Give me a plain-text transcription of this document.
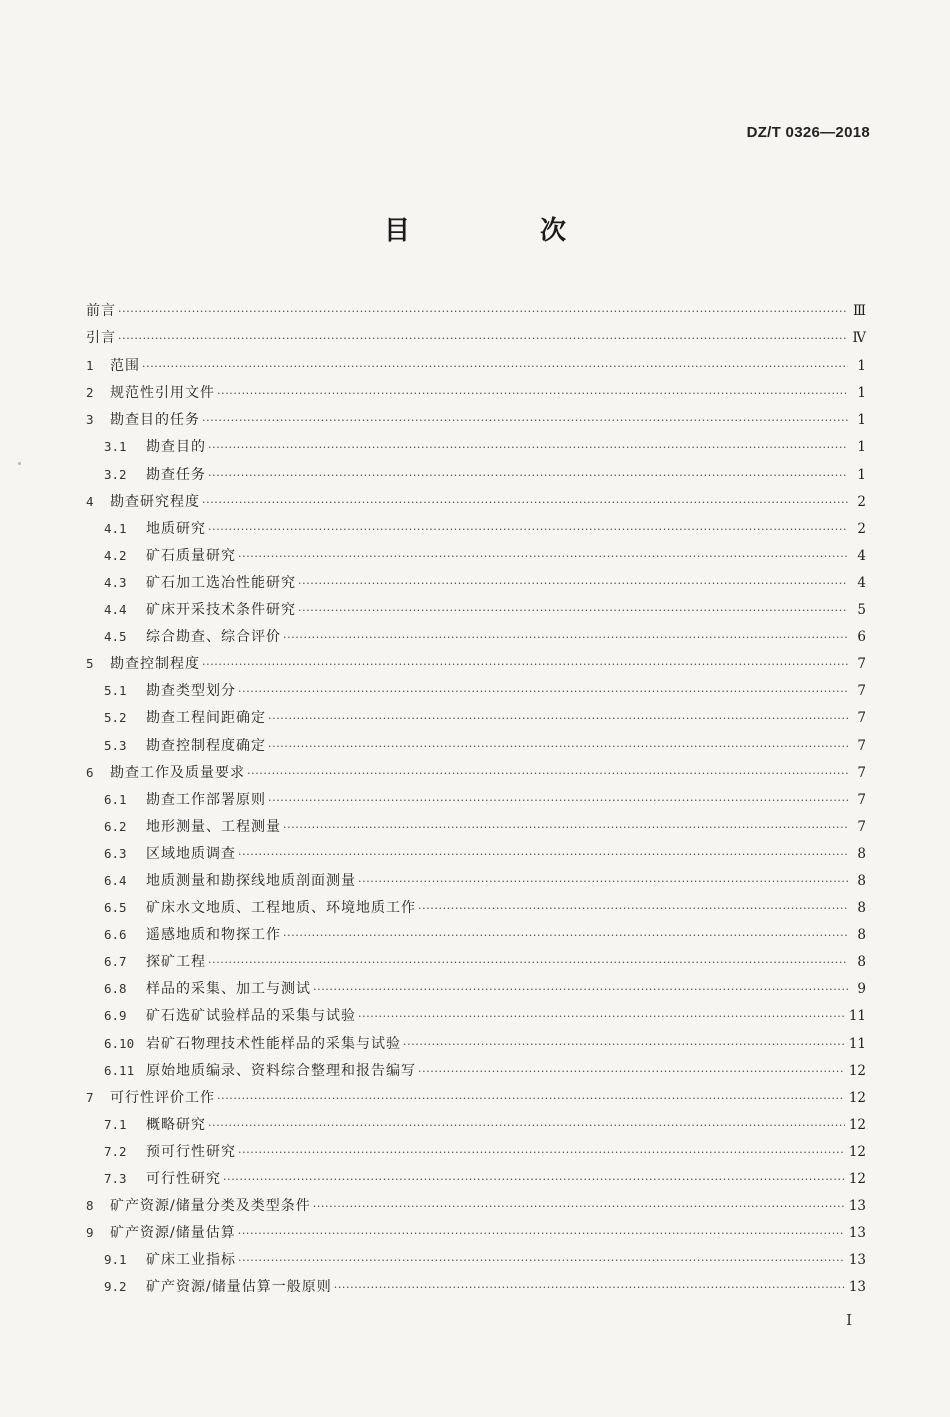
DZ/T 0326—2018
目　次
前言 ·····	Ⅲ
引言 ·····	Ⅳ
1	范围 ·····	1
2	规范性引用文件 ·····	1
3	勘查目的任务 ·····	1
3.1	勘查目的 ·····	1
3.2	勘查任务 ·····	1
4	勘查研究程度 ·····	2
4.1	地质研究 ·····	2
4.2	矿石质量研究 ·····	4
4.3	矿石加工选冶性能研究 ·····	4
4.4	矿床开采技术条件研究 ·····	5
4.5	综合勘查、综合评价 ·····	6
5	勘查控制程度 ·····	7
5.1	勘查类型划分 ·····	7
5.2	勘查工程间距确定 ·····	7
5.3	勘查控制程度确定 ·····	7
6	勘查工作及质量要求 ·····	7
6.1	勘查工作部署原则 ·····	7
6.2	地形测量、工程测量 ·····	7
6.3	区域地质调查 ·····	8
6.4	地质测量和勘探线地质剖面测量 ·····	8
6.5	矿床水文地质、工程地质、环境地质工作 ·····	8
6.6	遥感地质和物探工作 ·····	8
6.7	探矿工程 ·····	8
6.8	样品的采集、加工与测试 ·····	9
6.9	矿石选矿试验样品的采集与试验 ·····	11
6.10 岩矿石物理技术性能样品的采集与试验 ·····	11
6.11 原始地质编录、资料综合整理和报告编写 ·····	12
7	可行性评价工作 ·····	12
7.1	概略研究 ·····	12
7.2	预可行性研究 ·····	12
7.3	可行性研究 ·····	12
8	矿产资源/储量分类及类型条件 ·····	13
9	矿产资源/储量估算 ·····	13
9.1	矿床工业指标 ·····	13
9.2	矿产资源/储量估算一般原则 ·····	13
I
